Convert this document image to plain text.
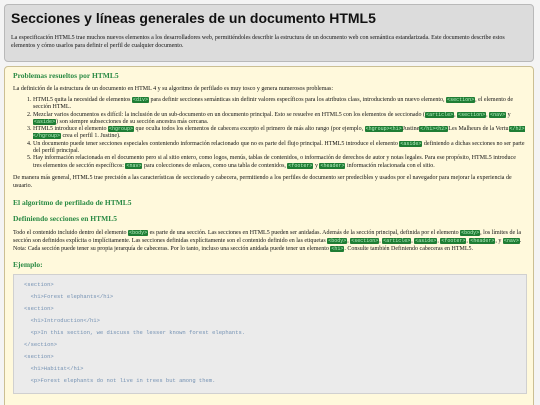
Secciones y líneas generales de un documento HTML5

La especificación HTML5 trae muchos nuevos elementos a los desarrolladores web, permitiéndoles describir la estructura de un documento web con semántica estandarizada. Este documento describe estos elementos y cómo usarlos para definir el perfil de cualquier documento.

Problemas resueltos por HTML5

La definición de la estructura de un documento en HTML 4 y su algoritmo de perfilado es muy tosco y genera numerosos problemas:

1. HTML5 quita la necesidad de elementos <div> para definir secciones semánticas sin definir valores específicos para los atributos class, introduciendo un nuevo elemento, <section>, el elemento de sección HTML.
2. Mezclar varios documentos es difícil: la inclusión de un sub-documento en un documento principal. Esto se resuelve en HTML5 con los elementos de seccionado (<article>, <section>, <nav> y <aside>) son siempre subsecciones de su sección ancestra más cercana.
3. HTML5 introduce el elemento <hgroup> que oculta todos los elementos de cabecera excepto el primero de más alto rango (por ejemplo, <hgroup><h1>Justine</h1><h2>Les Malheurs de la Vertu</h2></hgroup> crea el perfil 1. Justine).
4. Un documento puede tener secciones especiales conteniendo información relacionado que no es parte del flujo principal. HTML5 introduce el elemento <aside> definiendo a dichas secciones no ser parte del perfil principal.
5. Hay información relacionada en el documento pero si al sitio entero, como logos, menús, tablas de contenidos, o información de derechos de autor y notas legales. Para ese propósito, HTML5 introduce tres elementos de sección específicos: <nav> para colecciones de enlaces, como una tabla de contenidos, <footer> y <header> información relacionada con el sitio.

De manera más general, HTML5 trae precisión a las características de seccionado y cabecera, permitiendo a los perfiles de documento ser predecibles y usados por el navegador para mejorar la experiencia de usuario.

El algoritmo de perfilado de HTML5
Definiendo secciones en HTML5

Todo el contenido incluido dentro del elemento <body> es parte de una sección. Las secciones en HTML5 pueden ser anidadas. Además de la sección principal, definida por el elemento <body>, los límites de la sección son definidos explícita o implícitamente. Las secciones definidas explícitamente son el contenido definido en las etiquetas <body>, <section>, <article>, <aside>, <footer>, <header>, y <nav>. Nota: Cada sección puede tener su propia jerarquía de cabeceras. Por lo tanto, incluso una sección anidada puede tener un elemento <h1>. Consulte también Definiendo cabeceras en HTML5.

Ejemplo:
<section>
<h1>Forest elephants</h1>
<section>
<h1>Introduction</h1>
<p>In this section, we discuss the lesser known forest elephants.
</section>
<section>
<h1>Habitat</h1>
<p>Forest elephants do not live in trees but among them.
